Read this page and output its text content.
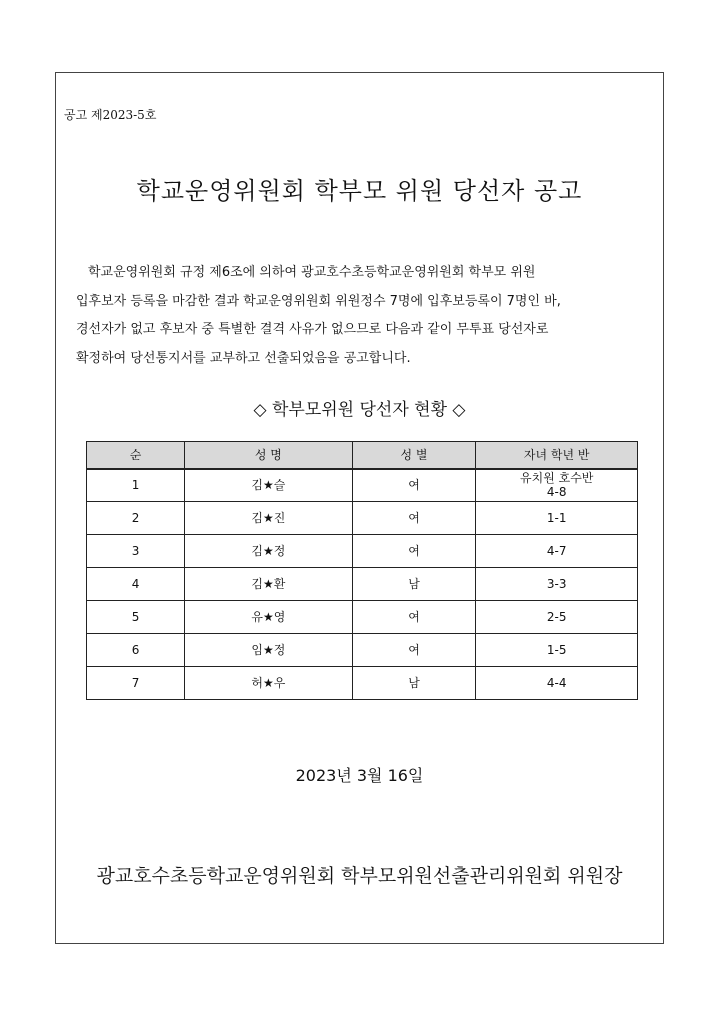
공고 제2023-5호
학교운영위원회 학부모 위원 당선자 공고
학교운영위원회 규정 제6조에 의하여 광교호수초등학교운영위원회 학부모 위원
입후보자 등록을 마감한 결과 학교운영위원회 위원정수 7명에 입후보등록이 7명인 바,
경선자가 없고 후보자 중 특별한 결격 사유가 없으므로 다음과 같이 무투표 당선자로
확정하여 당선통지서를 교부하고 선출되었음을 공고합니다.
◇ 학부모위원 당선자 현황 ◇
순	성 명	성 별	자녀 학년 반
1	김★슬	여	유치원 호수반
4-8

2	김★진	여	1-1
3	김★정	여	4-7
4	김★환	남	3-3
5	유★영	여	2-5
6	임★정	여	1-5
7	허★우	남	4-4
2023년 3월 16일
광교호수초등학교운영위원회 학부모위원선출관리위원회 위원장
